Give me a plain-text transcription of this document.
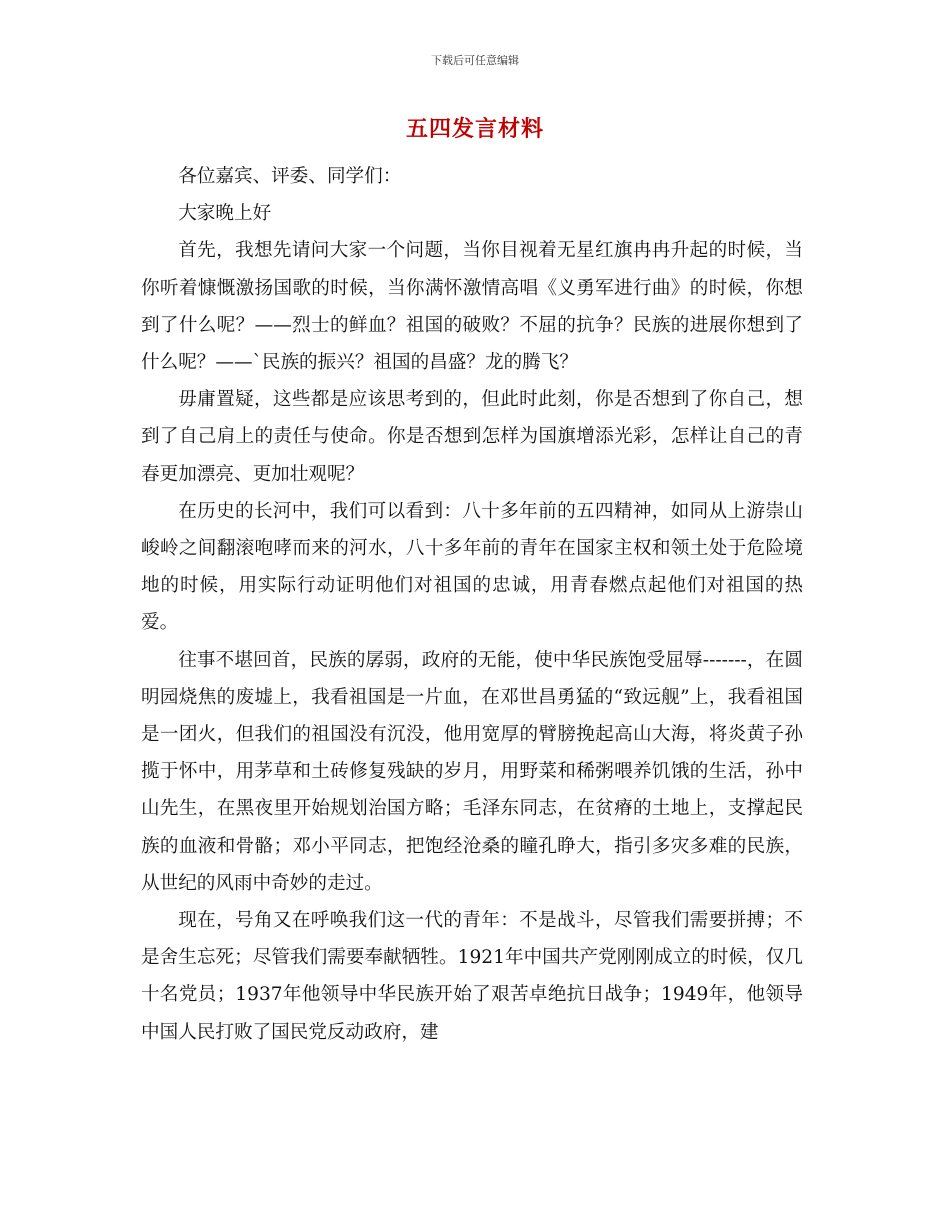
下载后可任意编辑
五四发言材料

各位嘉宾、评委、同学们：

大家晚上好

首先，我想先请问大家一个问题，当你目视着无星红旗冉冉升起的时候，当你听着慷慨激扬国歌的时候，当你满怀激情高唱《义勇军进行曲》的时候，你想到了什么呢？——烈士的鲜血？祖国的破败？不屈的抗争？民族的进展你想到了什么呢？——`民族的振兴？祖国的昌盛？龙的腾飞？

毋庸置疑，这些都是应该思考到的，但此时此刻，你是否想到了你自己，想到了自己肩上的责任与使命。你是否想到怎样为国旗增添光彩，怎样让自己的青春更加漂亮、更加壮观呢？

在历史的长河中，我们可以看到：八十多年前的五四精神，如同从上游崇山峻岭之间翻滚咆哮而来的河水，八十多年前的青年在国家主权和领土处于危险境地的时候，用实际行动证明他们对祖国的忠诚，用青春燃点起他们对祖国的热爱。

往事不堪回首，民族的孱弱，政府的无能，使中华民族饱受屈辱-------，在圆明园烧焦的废墟上，我看祖国是一片血，在邓世昌勇猛的“致远舰”上，我看祖国是一团火，但我们的祖国没有沉没，他用宽厚的臂膀挽起高山大海，将炎黄子孙揽于怀中，用茅草和土砖修复残缺的岁月，用野菜和稀粥喂养饥饿的生活，孙中山先生，在黑夜里开始规划治国方略；毛泽东同志，在贫瘠的土地上，支撑起民族的血液和骨骼；邓小平同志，把饱经沧桑的瞳孔睁大，指引多灾多难的民族，从世纪的风雨中奇妙的走过。

现在，号角又在呼唤我们这一代的青年：不是战斗，尽管我们需要拼搏；不是舍生忘死；尽管我们需要奉献牺牲。1921年中国共产党刚刚成立的时候，仅几十名党员；1937年他领导中华民族开始了艰苦卓绝抗日战争；1949年，他领导中国人民打败了国民党反动政府，建
